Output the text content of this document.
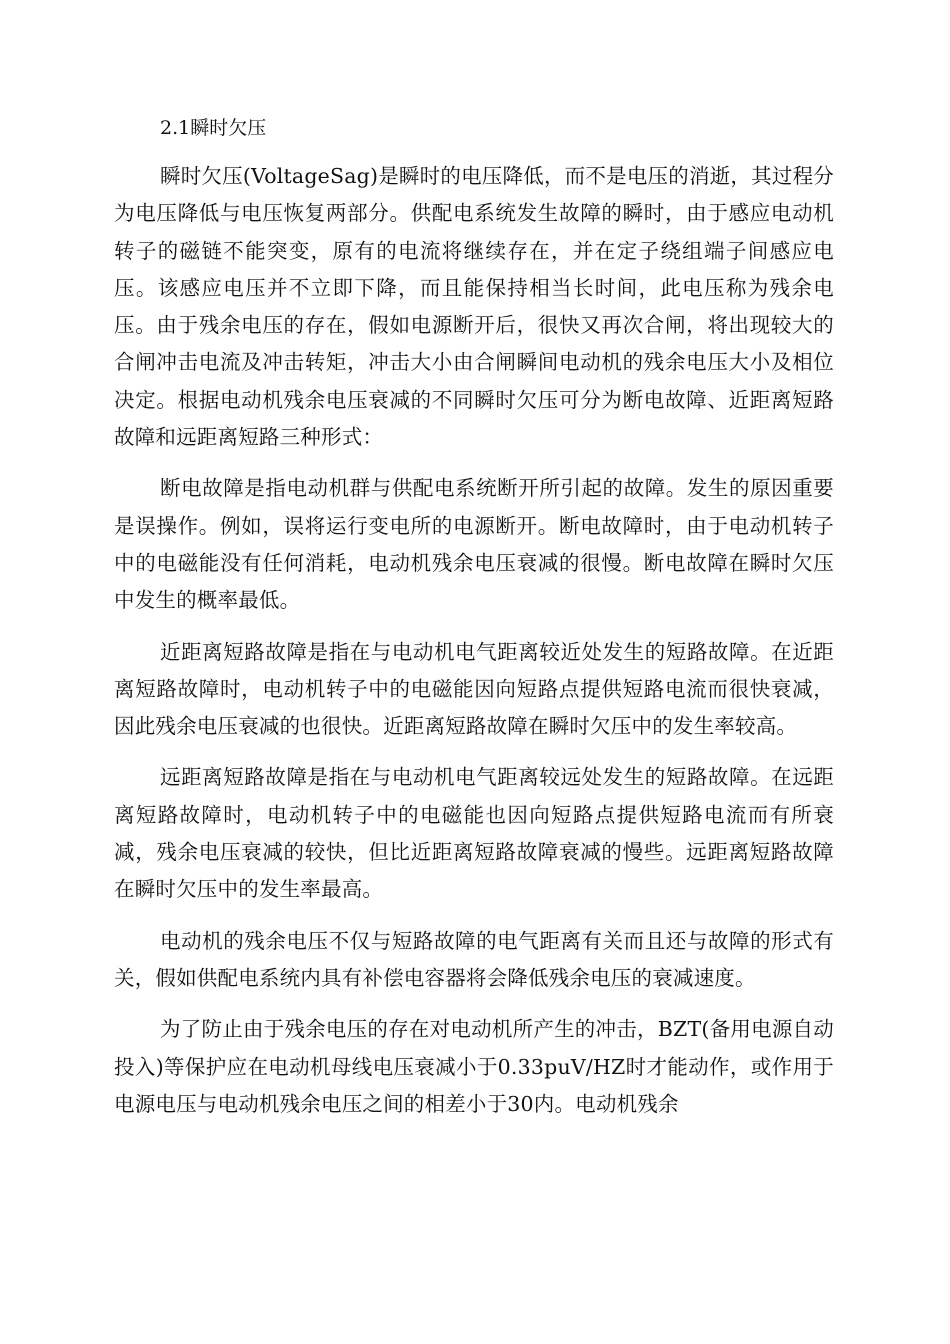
2.1瞬时欠压

瞬时欠压(VoltageSag)是瞬时的电压降低，而不是电压的消逝，其过程分为电压降低与电压恢复两部分。供配电系统发生故障的瞬时，由于感应电动机转子的磁链不能突变，原有的电流将继续存在，并在定子绕组端子间感应电压。该感应电压并不立即下降，而且能保持相当长时间，此电压称为残余电压。由于残余电压的存在，假如电源断开后，很快又再次合闸，将出现较大的合闸冲击电流及冲击转矩，冲击大小由合闸瞬间电动机的残余电压大小及相位决定。根据电动机残余电压衰减的不同瞬时欠压可分为断电故障、近距离短路故障和远距离短路三种形式：

断电故障是指电动机群与供配电系统断开所引起的故障。发生的原因重要是误操作。例如，误将运行变电所的电源断开。断电故障时，由于电动机转子中的电磁能没有任何消耗，电动机残余电压衰减的很慢。断电故障在瞬时欠压中发生的概率最低。

近距离短路故障是指在与电动机电气距离较近处发生的短路故障。在近距离短路故障时，电动机转子中的电磁能因向短路点提供短路电流而很快衰减，因此残余电压衰减的也很快。近距离短路故障在瞬时欠压中的发生率较高。

远距离短路故障是指在与电动机电气距离较远处发生的短路故障。在远距离短路故障时，电动机转子中的电磁能也因向短路点提供短路电流而有所衰减，残余电压衰减的较快，但比近距离短路故障衰减的慢些。远距离短路故障在瞬时欠压中的发生率最高。

电动机的残余电压不仅与短路故障的电气距离有关而且还与故障的形式有关，假如供配电系统内具有补偿电容器将会降低残余电压的衰减速度。

为了防止由于残余电压的存在对电动机所产生的冲击，BZT(备用电源自动投入)等保护应在电动机母线电压衰减小于0.33puV/HZ时才能动作，或作用于电源电压与电动机残余电压之间的相差小于30内。电动机残余
